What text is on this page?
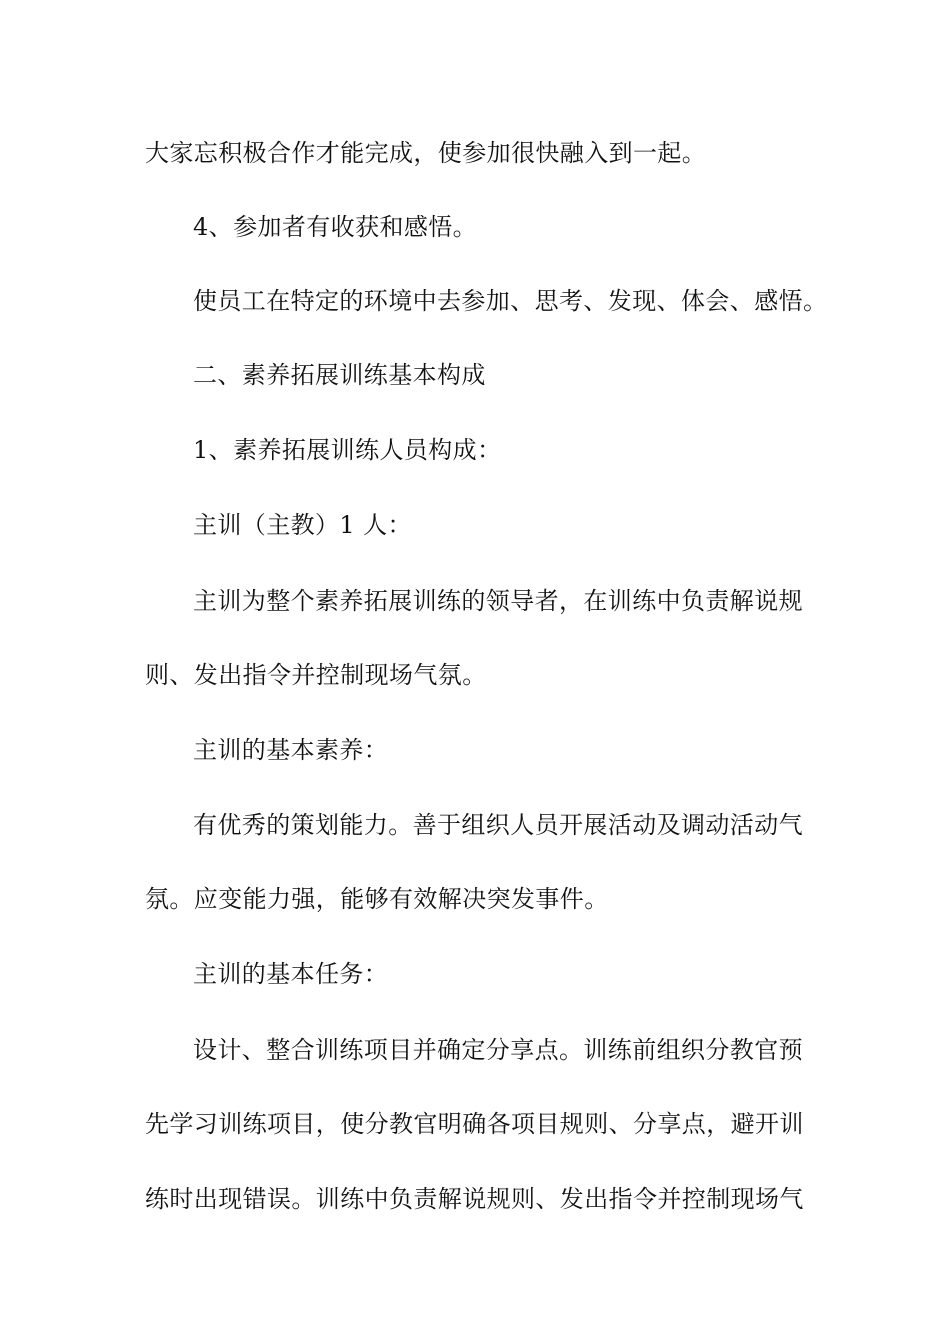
大家忘积极合作才能完成，使参加很快融入到一起。

4、参加者有收获和感悟。

使员工在特定的环境中去参加、思考、发现、体会、感悟。

二、素养拓展训练基本构成

1、素养拓展训练人员构成：

主训（主教）1 人：

主训为整个素养拓展训练的领导者，在训练中负责解说规

则、发出指令并控制现场气氛。

主训的基本素养：

有优秀的策划能力。善于组织人员开展活动及调动活动气

氛。应变能力强，能够有效解决突发事件。

主训的基本任务：

设计、整合训练项目并确定分享点。训练前组织分教官预

先学习训练项目，使分教官明确各项目规则、分享点，避开训

练时出现错误。训练中负责解说规则、发出指令并控制现场气
